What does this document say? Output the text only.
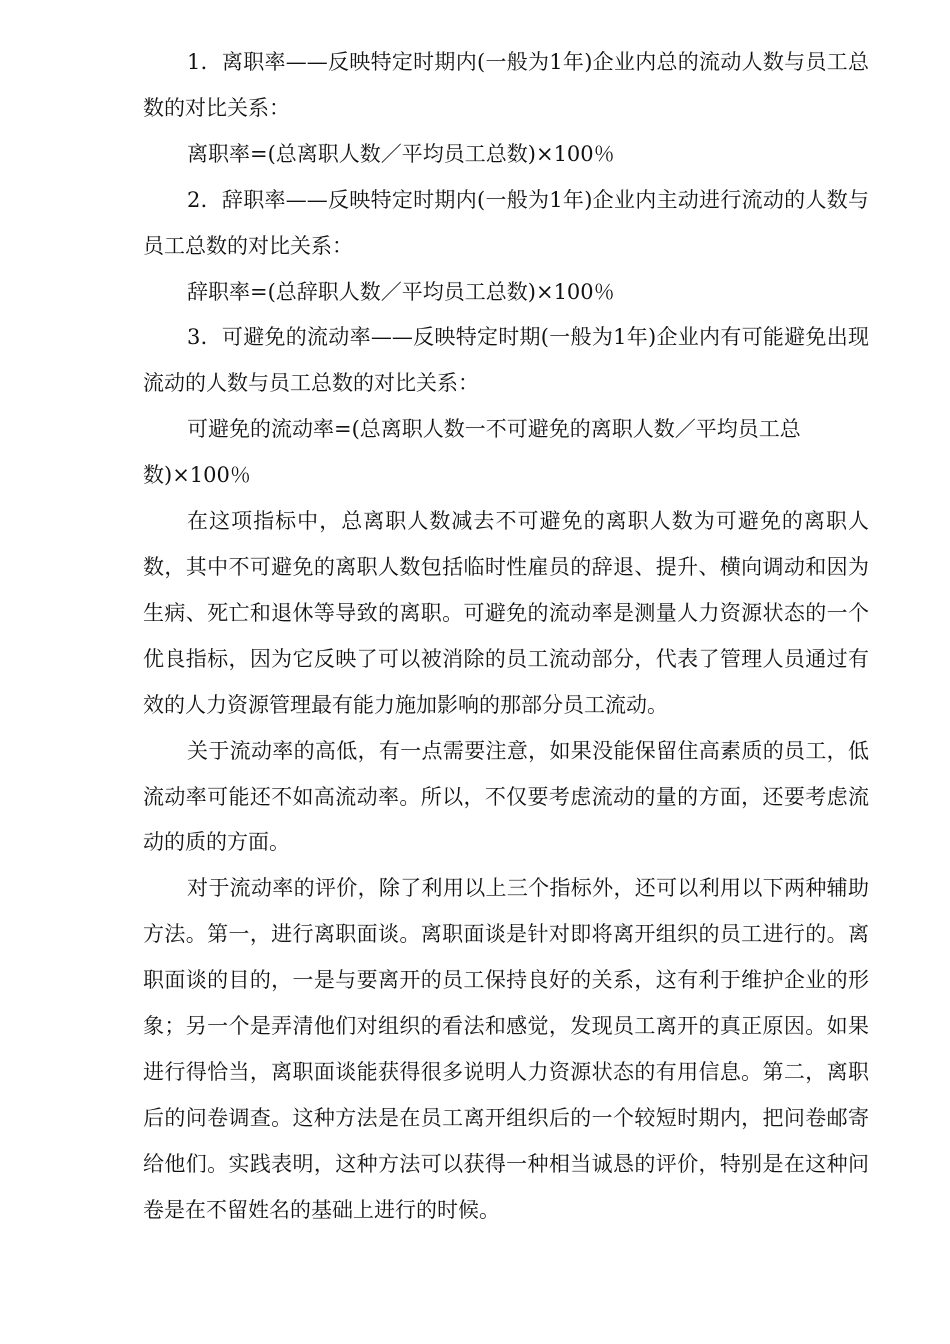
1．离职率——反映特定时期内(一般为1年)企业内总的流动人数与员工总数的对比关系：

离职率=(总离职人数／平均员工总数)×100％

2．辞职率——反映特定时期内(一般为1年)企业内主动进行流动的人数与员工总数的对比关系：

辞职率=(总辞职人数／平均员工总数)×100％

3．可避免的流动率——反映特定时期(一般为1年)企业内有可能避免出现流动的人数与员工总数的对比关系：

可避免的流动率=(总离职人数一不可避免的离职人数／平均员工总数)×100％

在这项指标中，总离职人数减去不可避免的离职人数为可避免的离职人数，其中不可避免的离职人数包括临时性雇员的辞退、提升、横向调动和因为生病、死亡和退休等导致的离职。可避免的流动率是测量人力资源状态的一个优良指标，因为它反映了可以被消除的员工流动部分，代表了管理人员通过有效的人力资源管理最有能力施加影响的那部分员工流动。

关于流动率的高低，有一点需要注意，如果没能保留住高素质的员工，低流动率可能还不如高流动率。所以，不仅要考虑流动的量的方面，还要考虑流动的质的方面。

对于流动率的评价，除了利用以上三个指标外，还可以利用以下两种辅助方法。第一，进行离职面谈。离职面谈是针对即将离开组织的员工进行的。离职面谈的目的，一是与要离开的员工保持良好的关系，这有利于维护企业的形象；另一个是弄清他们对组织的看法和感觉，发现员工离开的真正原因。如果进行得恰当，离职面谈能获得很多说明人力资源状态的有用信息。第二，离职后的问卷调查。这种方法是在员工离开组织后的一个较短时期内，把问卷邮寄给他们。实践表明，这种方法可以获得一种相当诚恳的评价，特别是在这种问卷是在不留姓名的基础上进行的时候。
